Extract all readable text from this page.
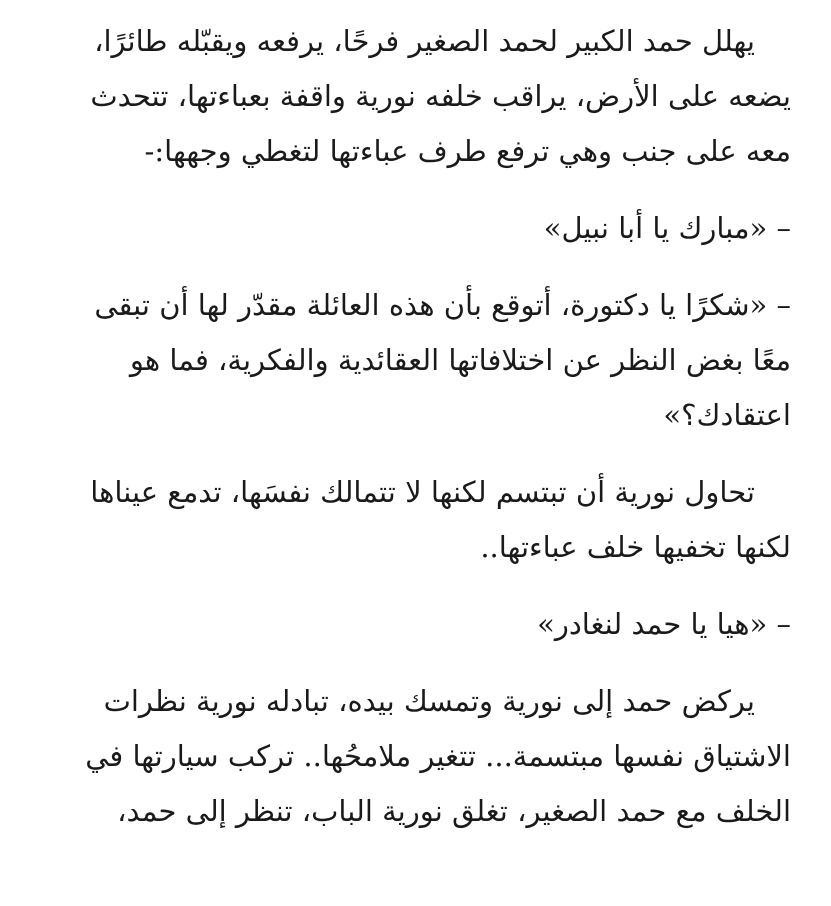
يهلل حمد الكبير لحمد الصغير فرحًا، يرفعه ويقبّله طائرًا،
يضعه على الأرض، يراقب خلفه نورية واقفة بعباءتها، تتحدث
معه على جنب وهي ترفع طرف عباءتها لتغطي وجهها:-
– «مبارك يا أبا نبيل»
– «شكرًا يا دكتورة، أتوقع بأن هذه العائلة مقدّر لها أن تبقى
معًا بغض النظر عن اختلافاتها العقائدية والفكرية، فما هو
اعتقادك؟»
تحاول نورية أن تبتسم لكنها لا تتمالك نفسَها، تدمع عيناها
لكنها تخفيها خلف عباءتها..
– «هيا يا حمد لنغادر»
يركض حمد إلى نورية وتمسك بيده، تبادله نورية نظرات
الاشتياق نفسها مبتسمة... تتغير ملامحُها.. تركب سيارتها في
الخلف مع حمد الصغير، تغلق نورية الباب، تنظر إلى حمد،
